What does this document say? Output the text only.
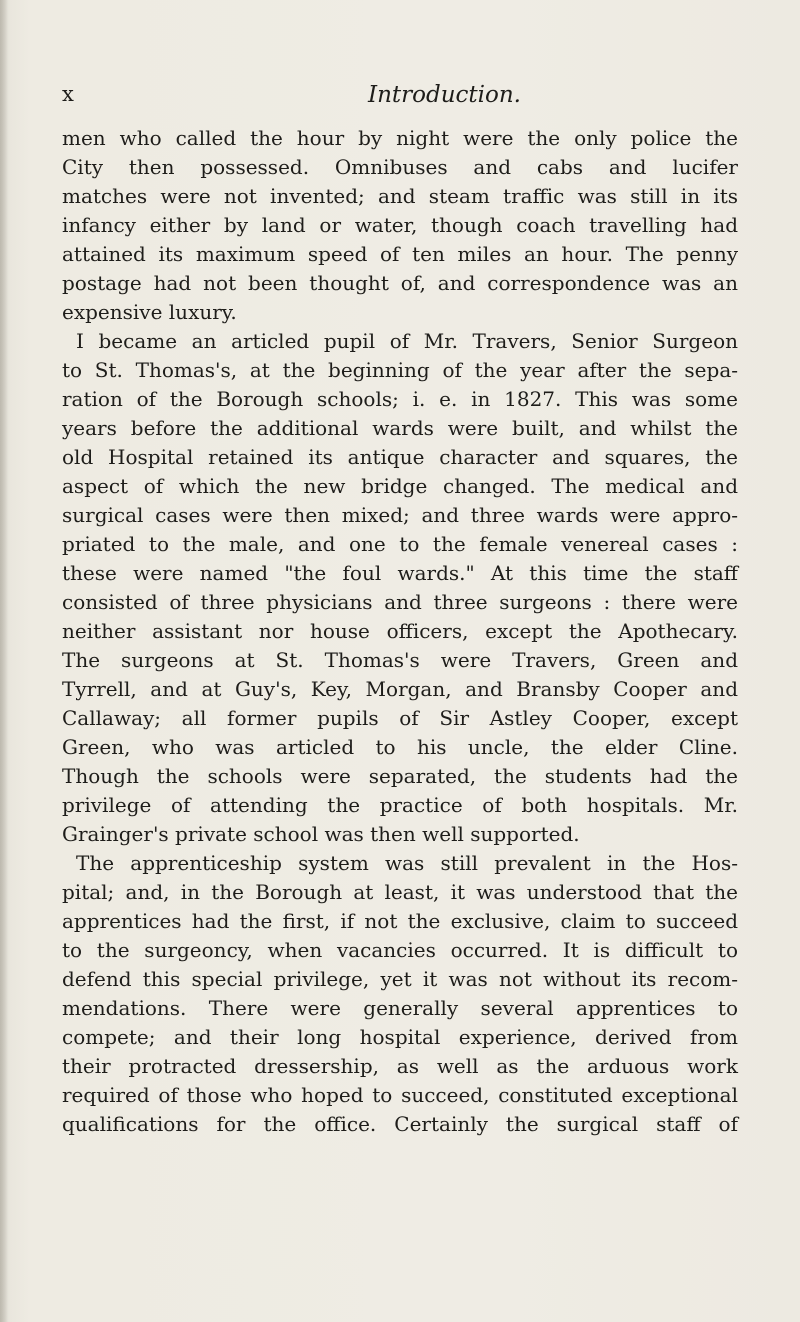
x	Introduction.
men who called the hour by night were the only police the
City then possessed. Omnibuses and cabs and lucifer
matches were not invented; and steam traffic was still in its
infancy either by land or water, though coach travelling had
attained its maximum speed of ten miles an hour. The penny
postage had not been thought of, and correspondence was an
expensive luxury.
I became an articled pupil of Mr. Travers, Senior Surgeon
to St. Thomas's, at the beginning of the year after the sepa-
ration of the Borough schools; i. e. in 1827. This was some
years before the additional wards were built, and whilst the
old Hospital retained its antique character and squares, the
aspect of which the new bridge changed. The medical and
surgical cases were then mixed; and three wards were appro-
priated to the male, and one to the female venereal cases :
these were named "the foul wards." At this time the staff
consisted of three physicians and three surgeons : there were
neither assistant nor house officers, except the Apothecary.
The surgeons at St. Thomas's were Travers, Green and
Tyrrell, and at Guy's, Key, Morgan, and Bransby Cooper and
Callaway; all former pupils of Sir Astley Cooper, except
Green, who was articled to his uncle, the elder Cline.
Though the schools were separated, the students had the
privilege of attending the practice of both hospitals. Mr.
Grainger's private school was then well supported.
The apprenticeship system was still prevalent in the Hos-
pital; and, in the Borough at least, it was understood that the
apprentices had the first, if not the exclusive, claim to succeed
to the surgeoncy, when vacancies occurred. It is difficult to
defend this special privilege, yet it was not without its recom-
mendations. There were generally several apprentices to
compete; and their long hospital experience, derived from
their protracted dressership, as well as the arduous work
required of those who hoped to succeed, constituted exceptional
qualifications for the office. Certainly the surgical staff of
